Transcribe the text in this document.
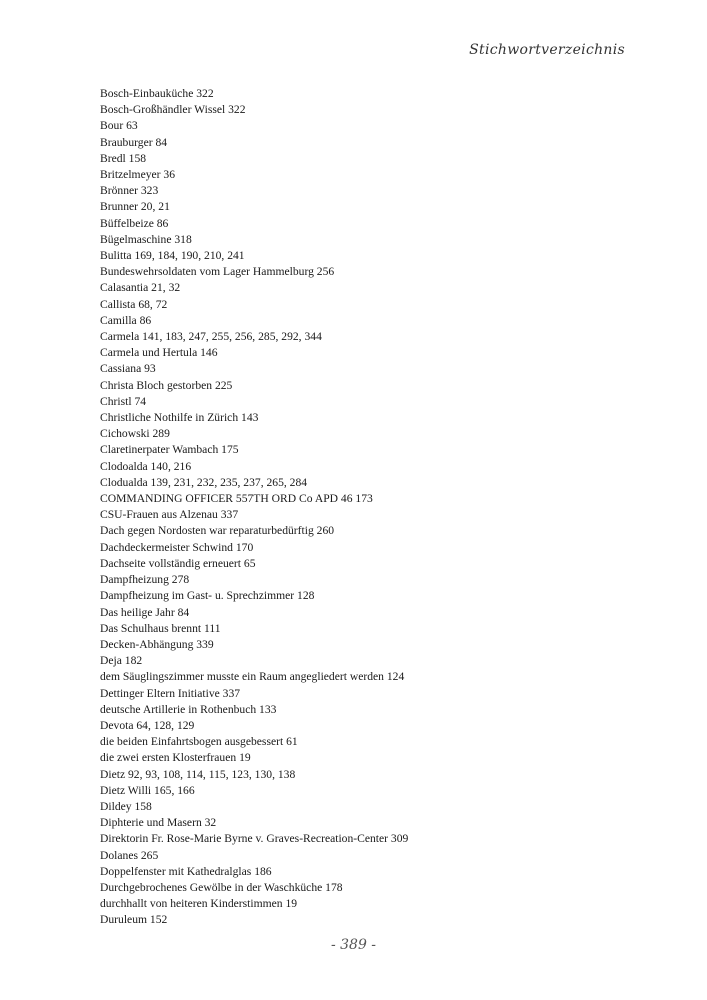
Stichwortverzeichnis
Bosch-Einbauküche 322
Bosch-Großhändler Wissel 322
Bour 63
Brauburger 84
Bredl 158
Britzelmeyer 36
Brönner 323
Brunner 20, 21
Büffelbeize 86
Bügelmaschine 318
Bulitta 169, 184, 190, 210, 241
Bundeswehrsoldaten vom Lager Hammelburg 256
Calasantia 21, 32
Callista 68, 72
Camilla 86
Carmela 141, 183, 247, 255, 256, 285, 292, 344
Carmela und Hertula 146
Cassiana 93
Christa Bloch gestorben 225
Christl 74
Christliche Nothilfe in Zürich 143
Cichowski 289
Claretinerpater Wambach 175
Clodoalda 140, 216
Clodualda 139, 231, 232, 235, 237, 265, 284
COMMANDING OFFICER 557TH ORD Co APD 46 173
CSU-Frauen aus Alzenau 337
Dach gegen Nordosten war reparaturbedürftig 260
Dachdeckermeister Schwind 170
Dachseite vollständig erneuert 65
Dampfheizung 278
Dampfheizung im Gast- u. Sprechzimmer 128
Das heilige Jahr 84
Das Schulhaus brennt 111
Decken-Abhängung 339
Deja 182
dem Säuglingszimmer musste ein Raum angegliedert werden 124
Dettinger Eltern Initiative 337
deutsche Artillerie in Rothenbuch 133
Devota 64, 128, 129
die beiden Einfahrtsbogen ausgebessert 61
die zwei ersten Klosterfrauen 19
Dietz 92, 93, 108, 114, 115, 123, 130, 138
Dietz Willi 165, 166
Dildey 158
Diphterie und Masern 32
Direktorin Fr. Rose-Marie Byrne v. Graves-Recreation-Center 309
Dolanes 265
Doppelfenster mit Kathedralglas 186
Durchgebrochenes Gewölbe in der Waschküche 178
durchhallt von heiteren Kinderstimmen 19
Duruleum 152
- 389 -
